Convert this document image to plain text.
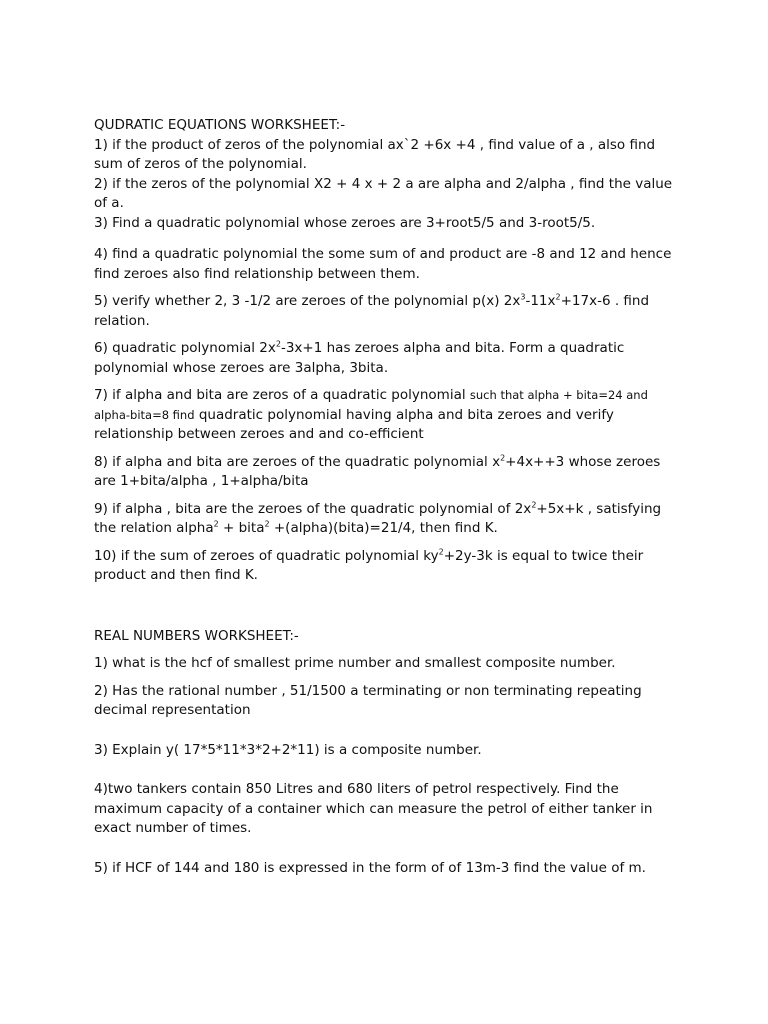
QUDRATIC EQUATIONS WORKSHEET:-

1) if the product of zeros of the polynomial ax`2 +6x +4 , find value of a , also find sum of zeros of the polynomial.

2) if the zeros of the polynomial X2 + 4 x + 2 a are alpha and 2/alpha , find the value of a.

3) Find a quadratic polynomial whose zeroes are 3+root5/5 and 3-root5/5.

4) find a quadratic polynomial the some sum of and product are -8 and 12 and hence find zeroes also find relationship between them.

5) verify whether 2, 3 -1/2 are zeroes of the polynomial p(x) $2x^3-11x^2+17x-6$ . find relation.

6) quadratic polynomial $2x^2-3x+1$ has zeroes alpha and bita. Form a quadratic polynomial whose zeroes are 3alpha, 3bita.

7) if alpha and bita are zeros of a quadratic polynomial such that alpha + bita=24 and alpha-bita=8 find quadratic polynomial having alpha and bita zeroes and verify relationship between zeroes and and co-efficient

8) if alpha and bita are zeroes of the quadratic polynomial $x^2+4x++3$ whose zeroes are 1+bita/alpha , 1+alpha/bita

9) if alpha , bita are the zeroes of the quadratic polynomial of $2x^2+5x+k$ , satisfying the relation alpha$^2$ + bita$^2$ +(alpha)(bita)=21/4, then find K.

10) if the sum of zeroes of quadratic polynomial $ky^2+2y-3k$ is equal to twice their product and then find K.

REAL NUMBERS WORKSHEET:-

1) what is the hcf of smallest prime number and smallest composite number.

2) Has the rational number , 51/1500 a terminating or non terminating repeating decimal representation

3) Explain y( 17*5*11*3*2+2*11) is a composite number.

4)two tankers contain 850 Litres and 680 liters of petrol respectively. Find the maximum capacity of a container which can measure the petrol of either tanker in exact number of times.

5) if HCF of 144 and 180 is expressed in the form of of 13m-3 find the value of m.
